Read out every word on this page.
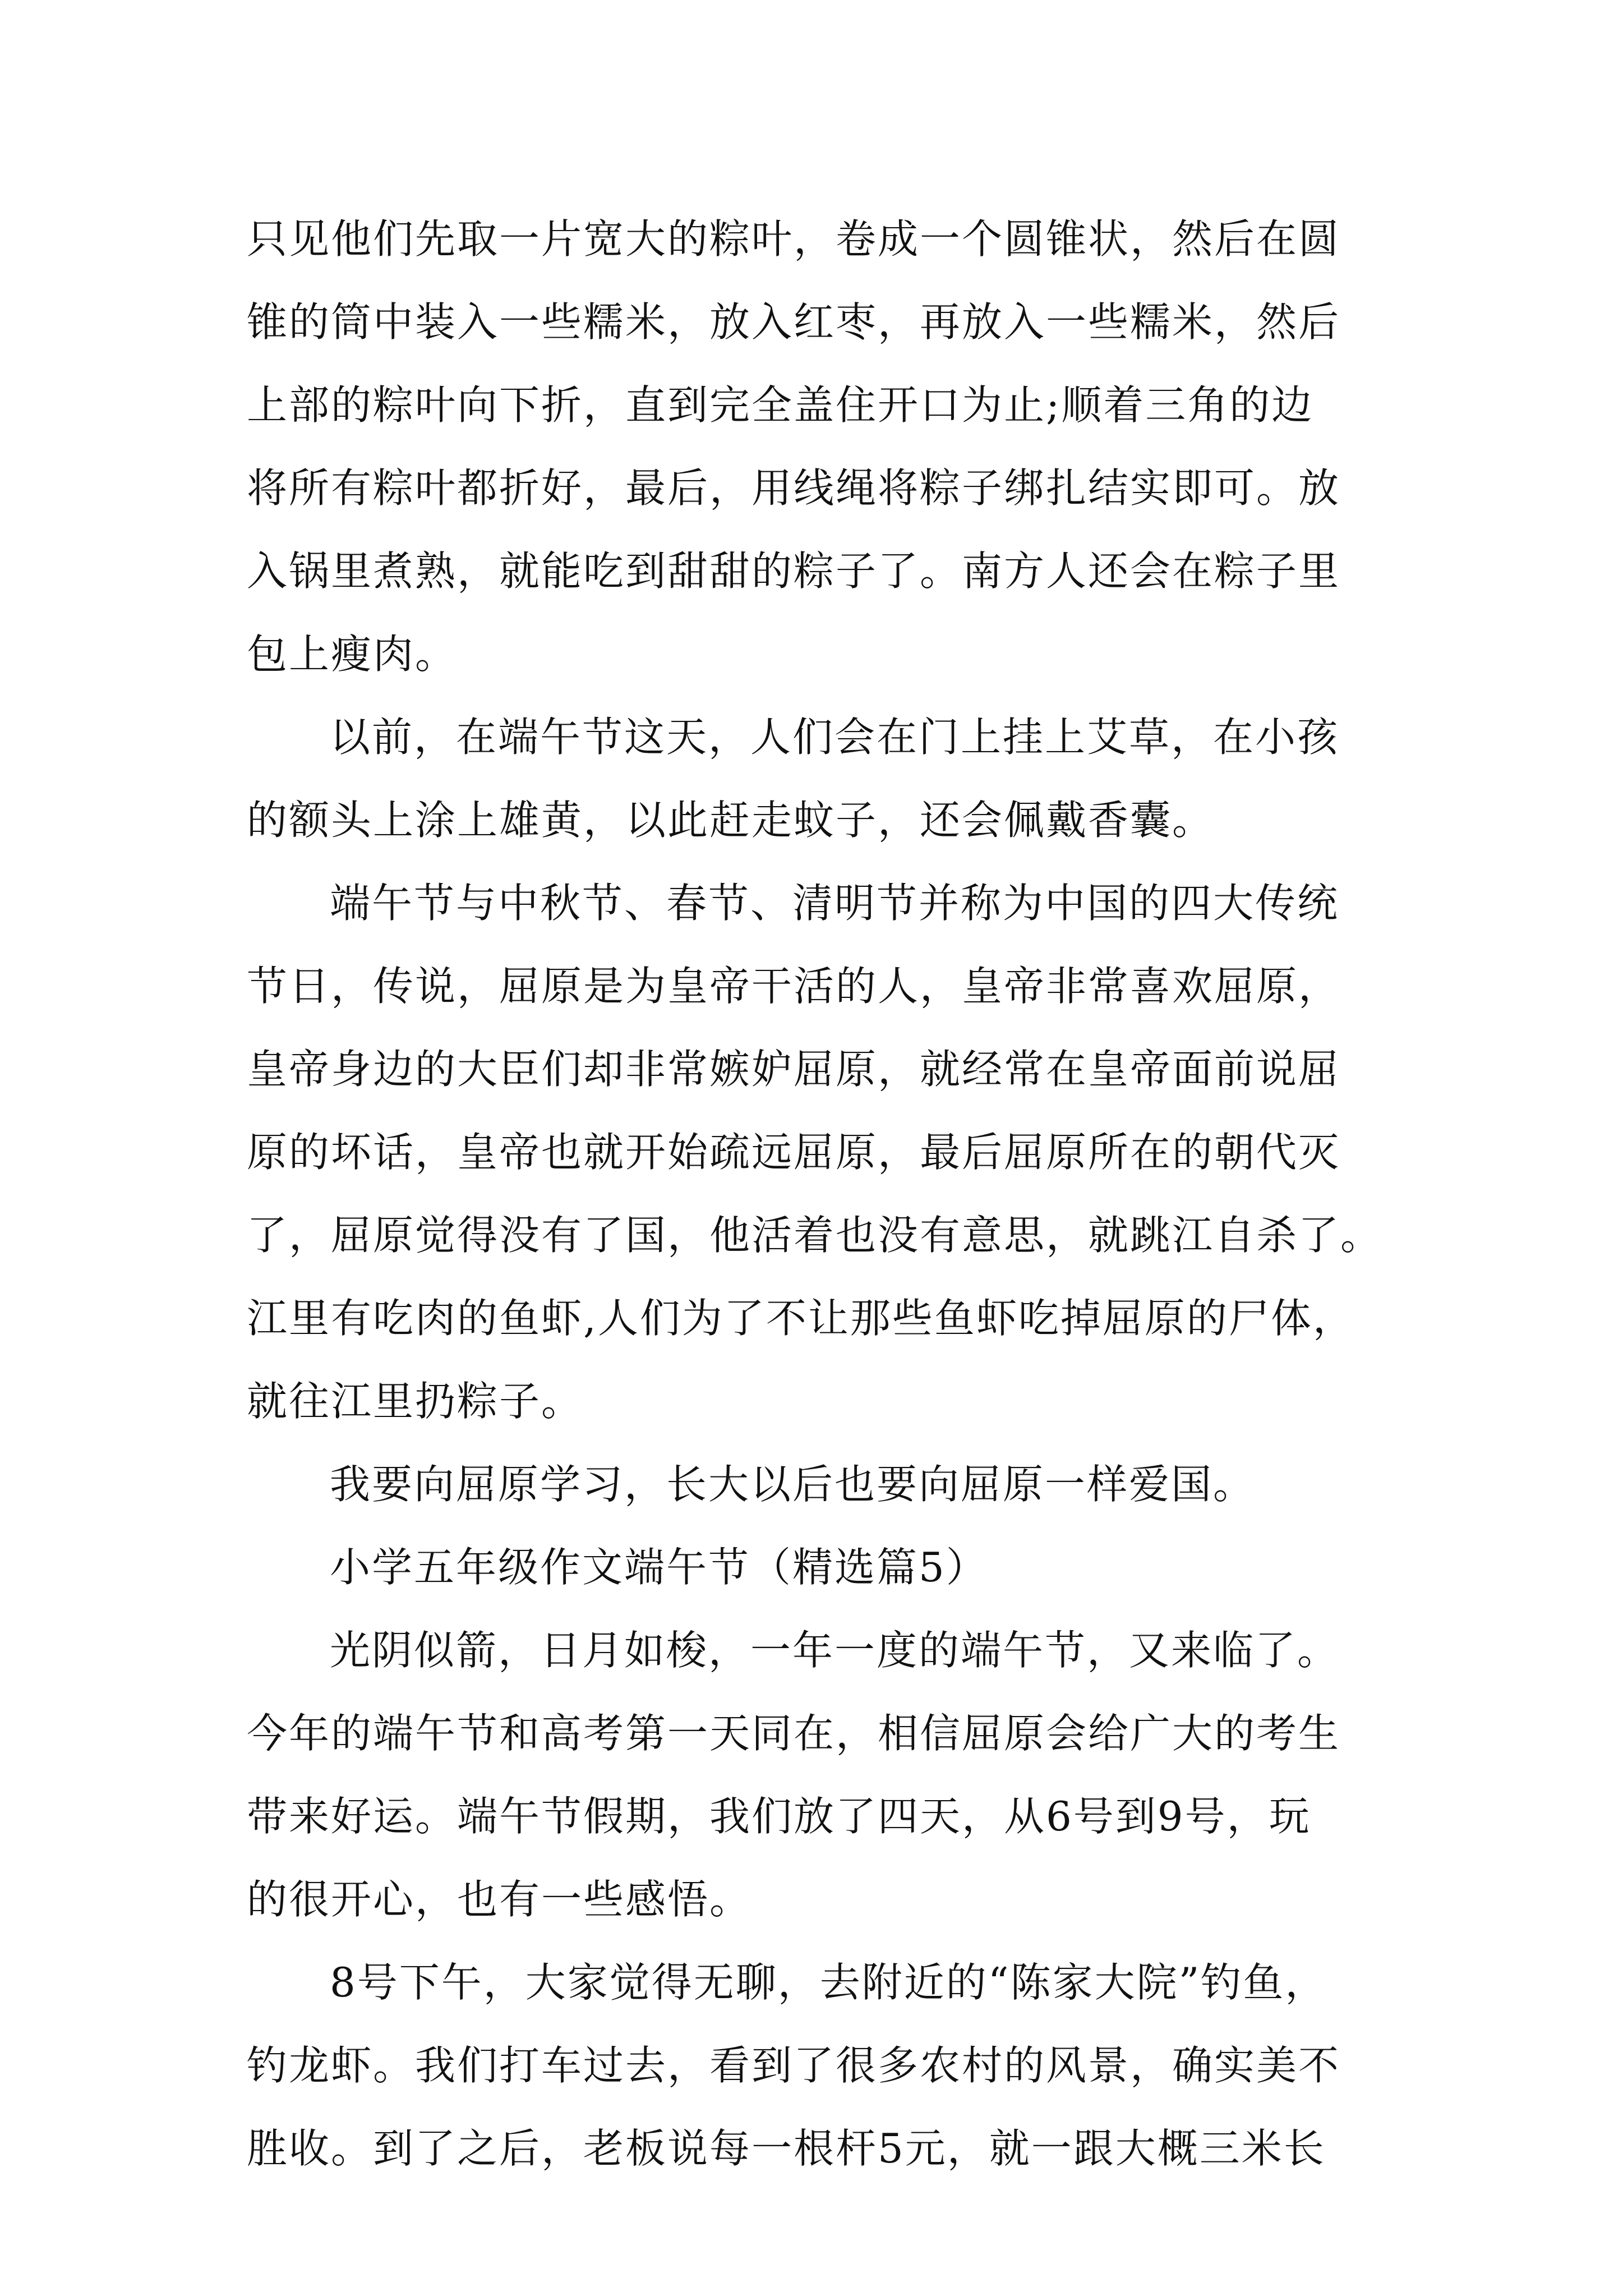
只见他们先取一片宽大的粽叶，卷成一个圆锥状，然后在圆
锥的筒中装入一些糯米，放入红枣，再放入一些糯米，然后
上部的粽叶向下折，直到完全盖住开口为止;顺着三角的边
将所有粽叶都折好，最后，用线绳将粽子绑扎结实即可。放
入锅里煮熟，就能吃到甜甜的粽子了。南方人还会在粽子里
包上瘦肉。
以前，在端午节这天，人们会在门上挂上艾草，在小孩
的额头上涂上雄黄，以此赶走蚊子，还会佩戴香囊。
端午节与中秋节、春节、清明节并称为中国的四大传统
节日，传说，屈原是为皇帝干活的人，皇帝非常喜欢屈原，
皇帝身边的大臣们却非常嫉妒屈原，就经常在皇帝面前说屈
原的坏话，皇帝也就开始疏远屈原，最后屈原所在的朝代灭
了，屈原觉得没有了国，他活着也没有意思，就跳江自杀了。
江里有吃肉的鱼虾,人们为了不让那些鱼虾吃掉屈原的尸体，
就往江里扔粽子。
我要向屈原学习，长大以后也要向屈原一样爱国。
小学五年级作文端午节（精选篇5）
光阴似箭，日月如梭，一年一度的端午节，又来临了。
今年的端午节和高考第一天同在，相信屈原会给广大的考生
带来好运。端午节假期，我们放了四天，从6号到9号，玩
的很开心，也有一些感悟。
8号下午，大家觉得无聊，去附近的“陈家大院”钓鱼，
钓龙虾。我们打车过去，看到了很多农村的风景，确实美不
胜收。到了之后，老板说每一根杆5元，就一跟大概三米长
